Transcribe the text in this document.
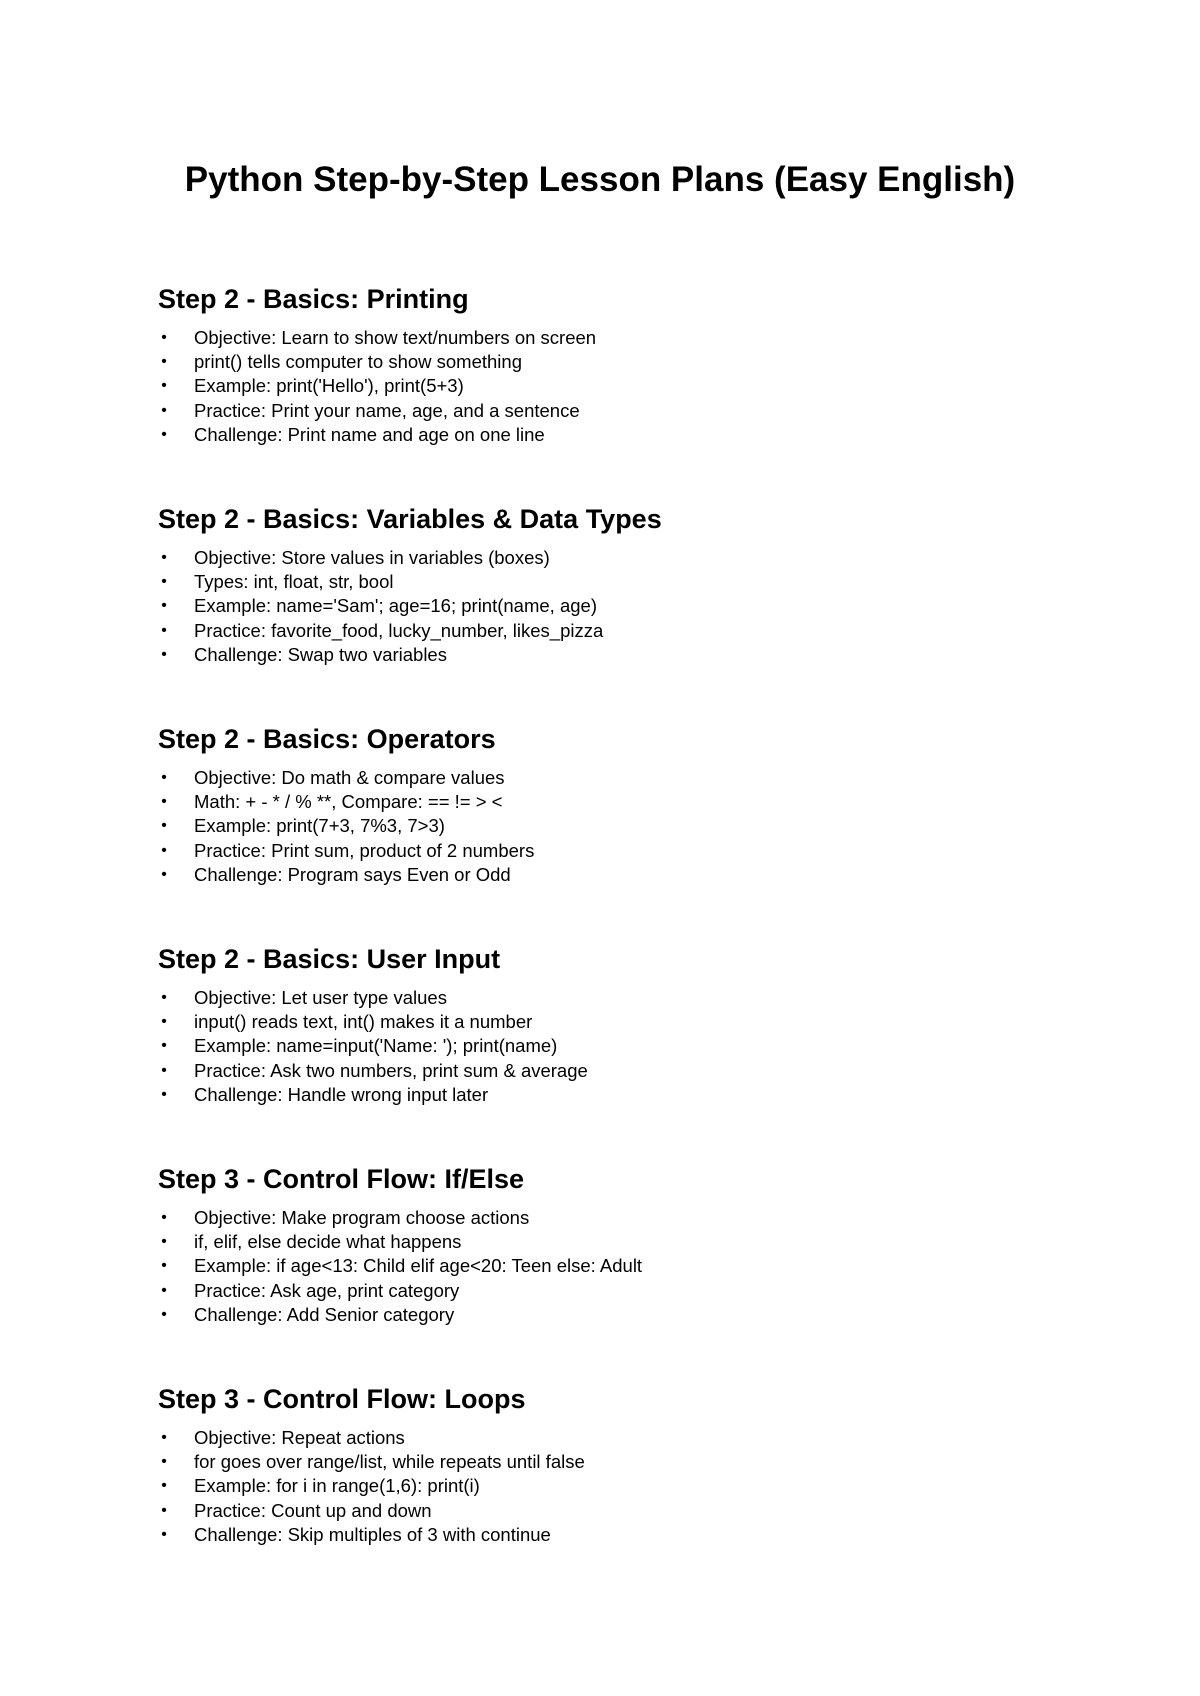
Python Step-by-Step Lesson Plans (Easy English)
Step 2 - Basics: Printing
• Objective: Learn to show text/numbers on screen
• print() tells computer to show something
• Example: print('Hello'), print(5+3)
• Practice: Print your name, age, and a sentence
• Challenge: Print name and age on one line
Step 2 - Basics: Variables & Data Types
• Objective: Store values in variables (boxes)
• Types: int, float, str, bool
• Example: name='Sam'; age=16; print(name, age)
• Practice: favorite_food, lucky_number, likes_pizza
• Challenge: Swap two variables
Step 2 - Basics: Operators
• Objective: Do math & compare values
• Math: + - * / % **, Compare: == != > <
• Example: print(7+3, 7%3, 7>3)
• Practice: Print sum, product of 2 numbers
• Challenge: Program says Even or Odd
Step 2 - Basics: User Input
• Objective: Let user type values
• input() reads text, int() makes it a number
• Example: name=input('Name: '); print(name)
• Practice: Ask two numbers, print sum & average
• Challenge: Handle wrong input later
Step 3 - Control Flow: If/Else
• Objective: Make program choose actions
• if, elif, else decide what happens
• Example: if age<13: Child elif age<20: Teen else: Adult
• Practice: Ask age, print category
• Challenge: Add Senior category
Step 3 - Control Flow: Loops
• Objective: Repeat actions
• for goes over range/list, while repeats until false
• Example: for i in range(1,6): print(i)
• Practice: Count up and down
• Challenge: Skip multiples of 3 with continue
